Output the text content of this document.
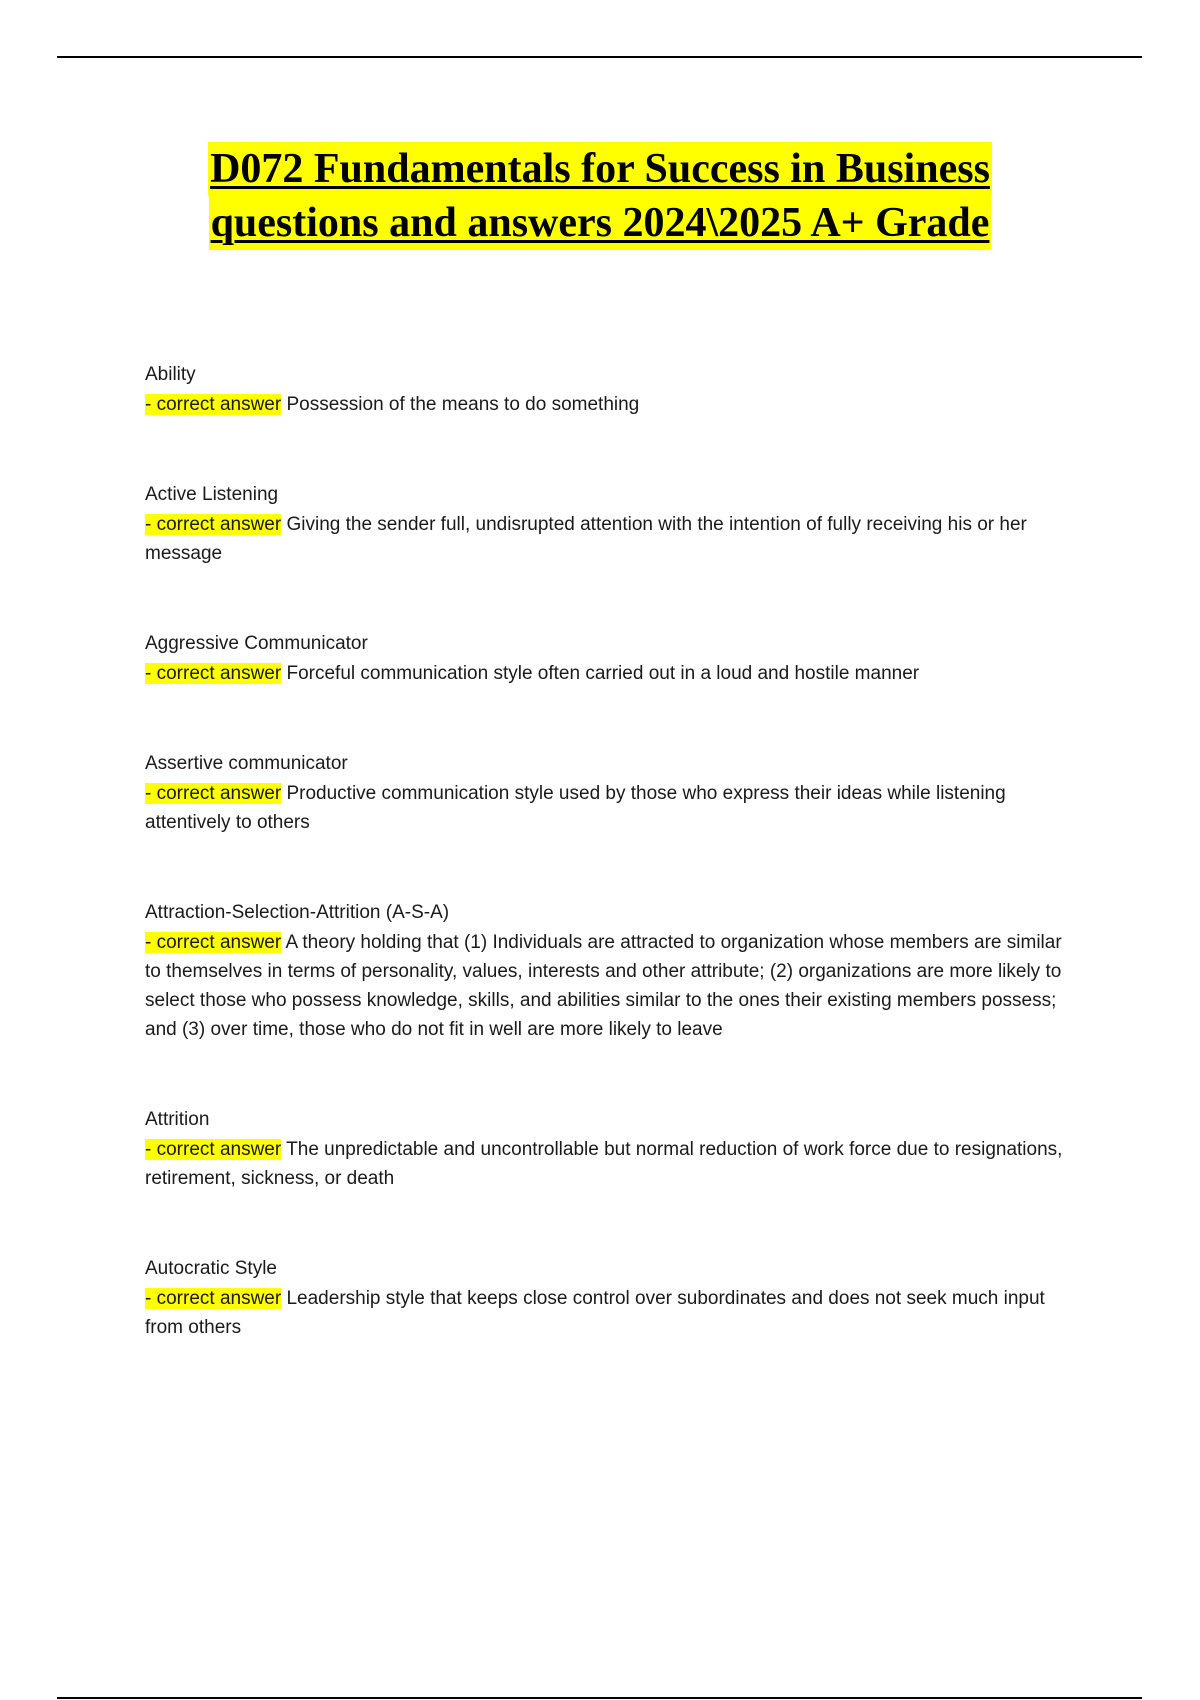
D072 Fundamentals for Success in Business
questions and answers 2024\2025 A+ Grade
Ability
- correct answer Possession of the means to do something
Active Listening
- correct answer Giving the sender full, undisrupted attention with the intention of fully receiving his or her message
Aggressive Communicator
- correct answer Forceful communication style often carried out in a loud and hostile manner
Assertive communicator
- correct answer Productive communication style used by those who express their ideas while listening attentively to others
Attraction-Selection-Attrition (A-S-A)
- correct answer A theory holding that (1) Individuals are attracted to organization whose members are similar to themselves in terms of personality, values, interests and other attribute; (2) organizations are more likely to select those who possess knowledge, skills, and abilities similar to the ones their existing members possess; and (3) over time, those who do not fit in well are more likely to leave
Attrition
- correct answer The unpredictable and uncontrollable but normal reduction of work force due to resignations, retirement, sickness, or death
Autocratic Style
- correct answer Leadership style that keeps close control over subordinates and does not seek much input from others
